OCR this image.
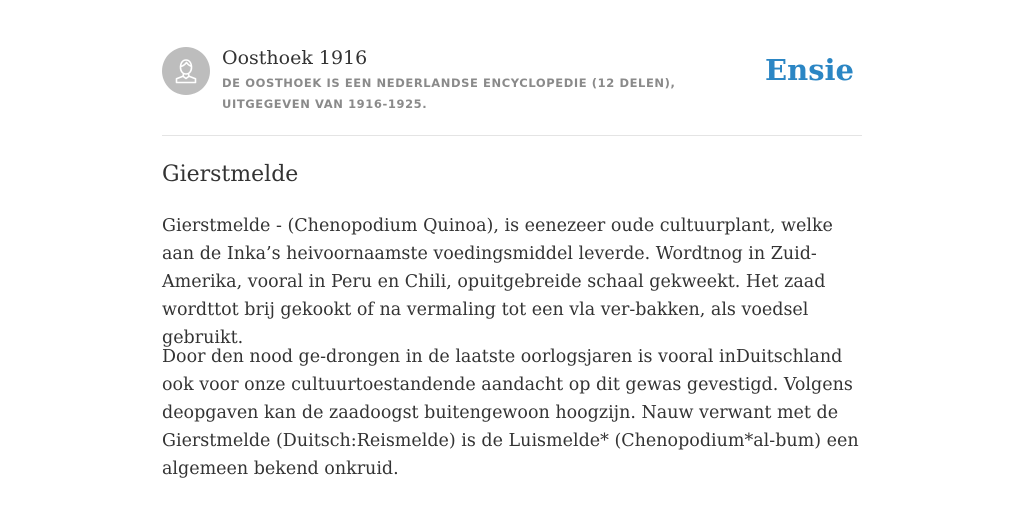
Oosthoek 1916
DE OOSTHOEK IS EEN NEDERLANDSE ENCYCLOPEDIE (12 DELEN), UITGEGEVEN VAN 1916-1925.
Ensie
Gierstmelde

Gierstmelde - (Chenopodium Quinoa), is eenezeer oude cultuurplant, welke aan de Inka’s heivoornaamste voedingsmiddel leverde. Wordtnog in Zuid-Amerika, vooral in Peru en Chili, opuitgebreide schaal gekweekt. Het zaad wordttot brij gekookt of na vermaling tot een vla ver-bakken, als voedsel gebruikt.

Door den nood ge-drongen in de laatste oorlogsjaren is vooral inDuitschland ook voor onze cultuurtoestandende aandacht op dit gewas gevestigd. Volgens deopgaven kan de zaadoogst buitengewoon hoogzijn. Nauw verwant met de Gierstmelde (Duitsch:Reismelde) is de Luismelde* (Chenopodium*al-bum) een algemeen bekend onkruid.
